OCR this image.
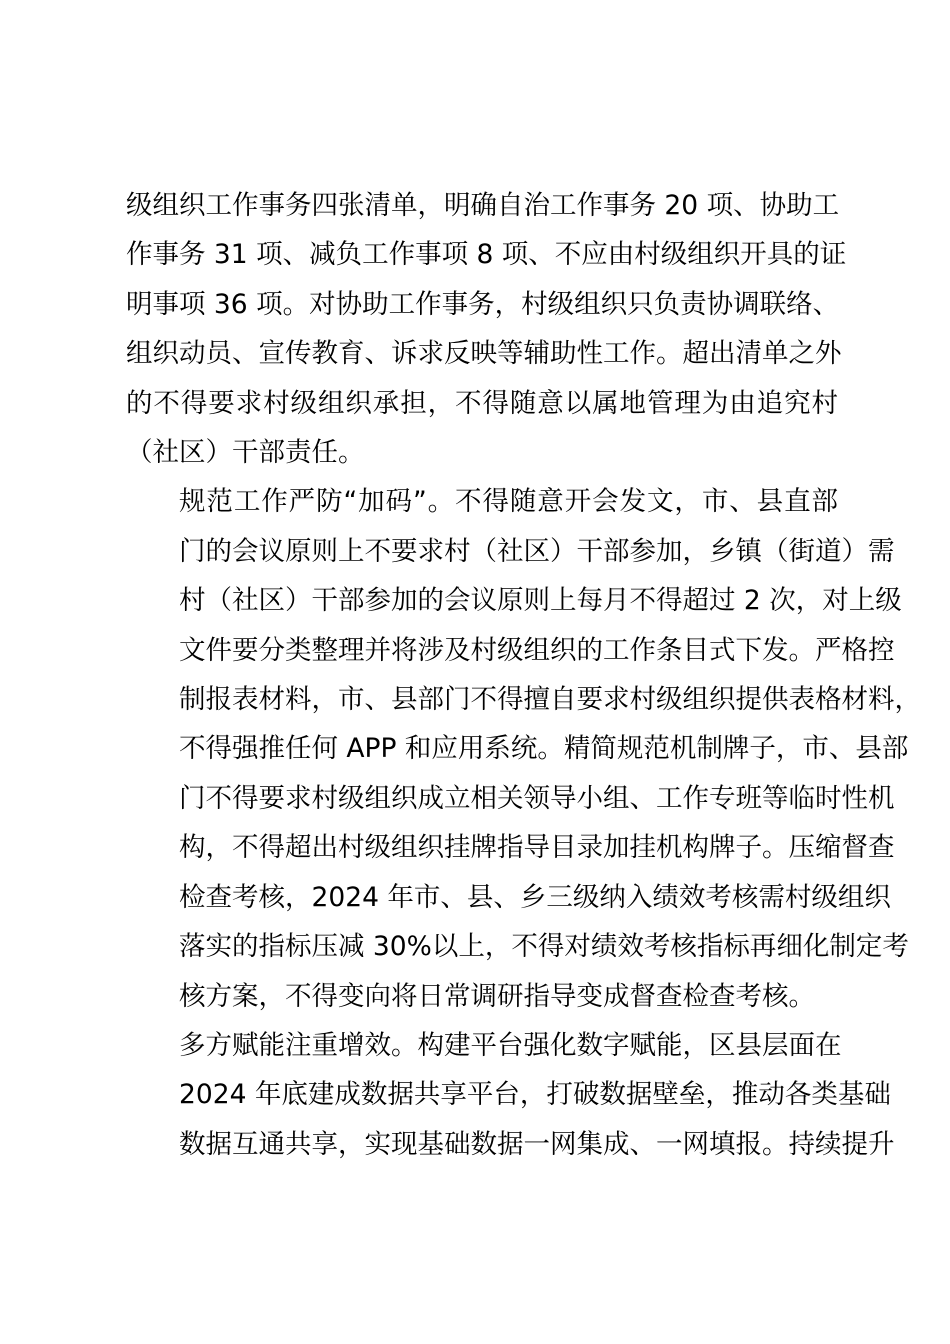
级组织工作事务四张清单，明确自治工作事务 20 项、协助工
作事务 31 项、减负工作事项 8 项、不应由村级组织开具的证
明事项 36 项。对协助工作事务，村级组织只负责协调联络、
组织动员、宣传教育、诉求反映等辅助性工作。超出清单之外
的不得要求村级组织承担，不得随意以属地管理为由追究村
（社区）干部责任。
规范工作严防“加码”。不得随意开会发文，市、县直部
门的会议原则上不要求村（社区）干部参加，乡镇（街道）需
村（社区）干部参加的会议原则上每月不得超过 2 次，对上级
文件要分类整理并将涉及村级组织的工作条目式下发。严格控
制报表材料，市、县部门不得擅自要求村级组织提供表格材料，
不得强推任何 APP 和应用系统。精简规范机制牌子，市、县部
门不得要求村级组织成立相关领导小组、工作专班等临时性机
构，不得超出村级组织挂牌指导目录加挂机构牌子。压缩督查
检查考核，2024 年市、县、乡三级纳入绩效考核需村级组织
落实的指标压减 30%以上，不得对绩效考核指标再细化制定考
核方案，不得变向将日常调研指导变成督查检查考核。
多方赋能注重增效。构建平台强化数字赋能，区县层面在
2024 年底建成数据共享平台，打破数据壁垒，推动各类基础
数据互通共享，实现基础数据一网集成、一网填报。持续提升
